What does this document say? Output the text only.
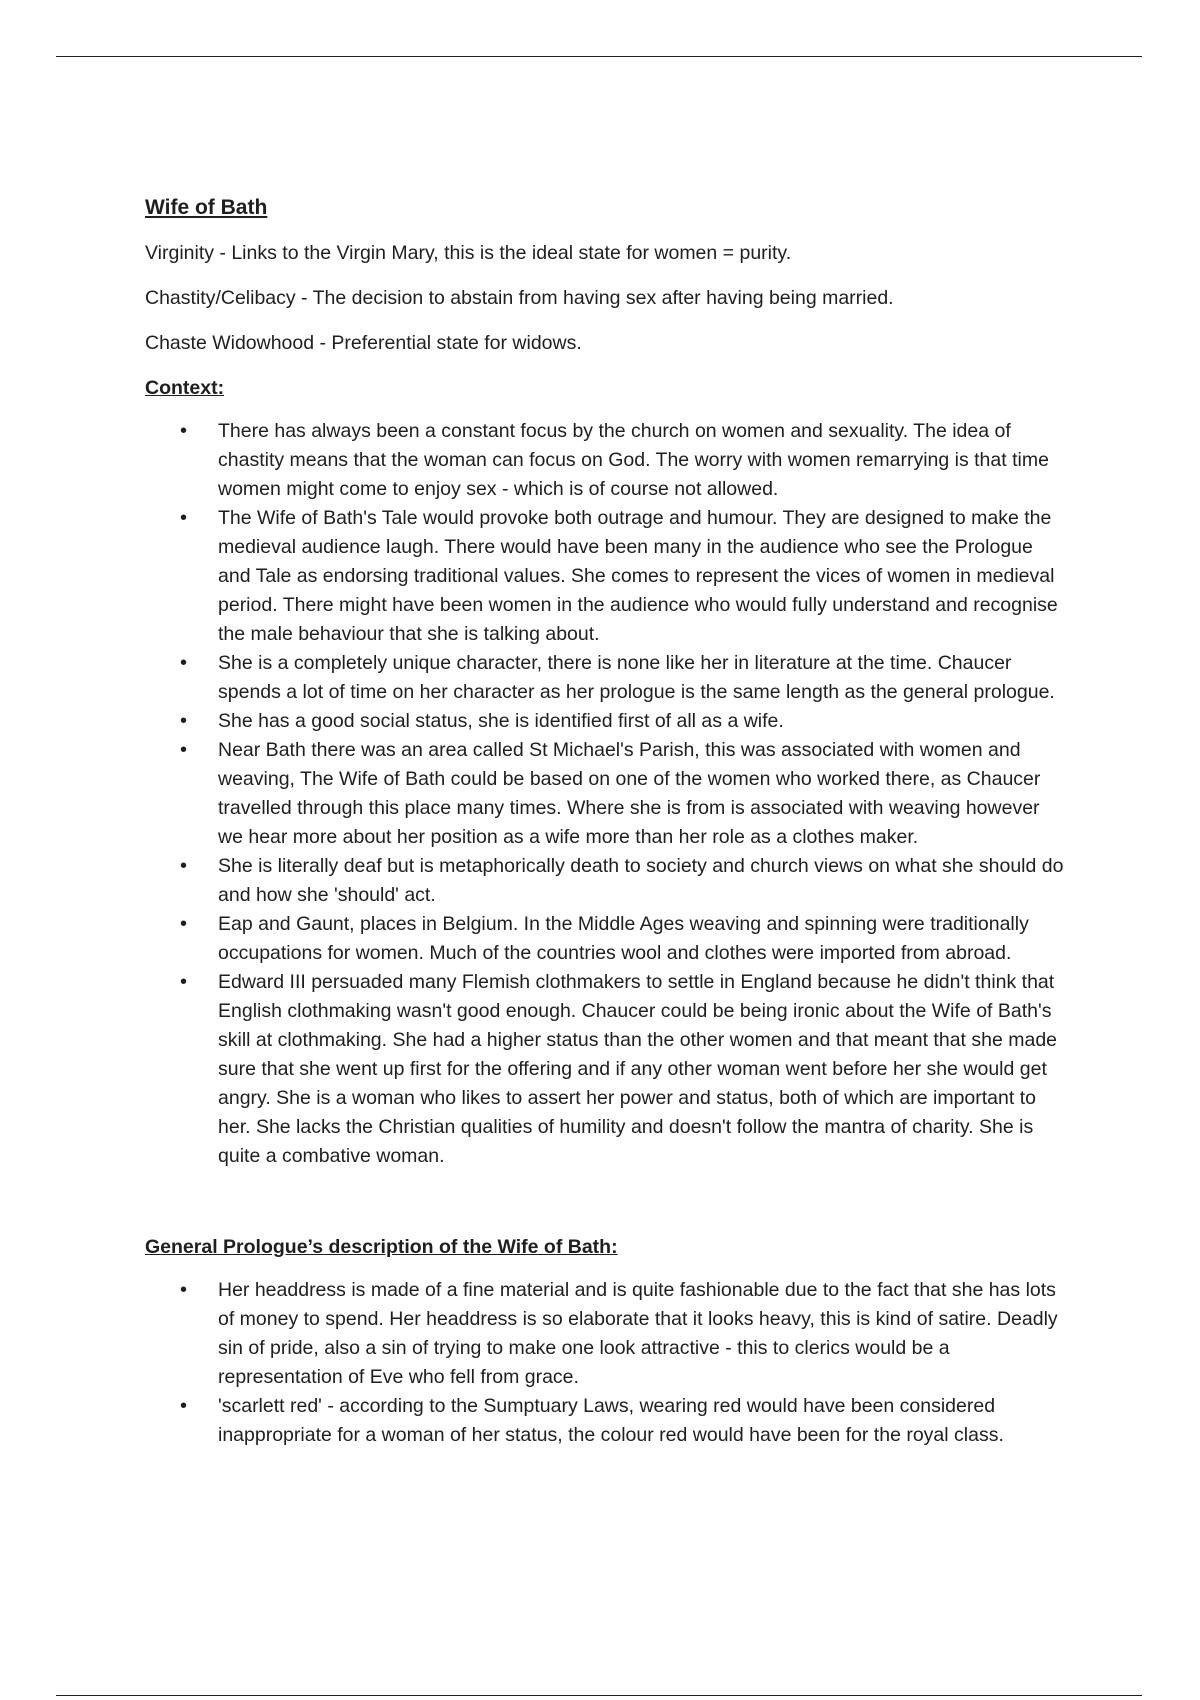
Wife of Bath

Virginity - Links to the Virgin Mary, this is the ideal state for women = purity.

Chastity/Celibacy - The decision to abstain from having sex after having being married.

Chaste Widowhood - Preferential state for widows.

Context:

• There has always been a constant focus by the church on women and sexuality. The idea of chastity means that the woman can focus on God. The worry with women remarrying is that time women might come to enjoy sex - which is of course not allowed.
• The Wife of Bath's Tale would provoke both outrage and humour. They are designed to make the medieval audience laugh. There would have been many in the audience who see the Prologue and Tale as endorsing traditional values. She comes to represent the vices of women in medieval period. There might have been women in the audience who would fully understand and recognise the male behaviour that she is talking about.
• She is a completely unique character, there is none like her in literature at the time. Chaucer spends a lot of time on her character as her prologue is the same length as the general prologue.
• She has a good social status, she is identified first of all as a wife.
• Near Bath there was an area called St Michael's Parish, this was associated with women and weaving, The Wife of Bath could be based on one of the women who worked there, as Chaucer travelled through this place many times. Where she is from is associated with weaving however we hear more about her position as a wife more than her role as a clothes maker.
• She is literally deaf but is metaphorically death to society and church views on what she should do and how she 'should' act.
• Eap and Gaunt, places in Belgium. In the Middle Ages weaving and spinning were traditionally occupations for women. Much of the countries wool and clothes were imported from abroad.
• Edward III persuaded many Flemish clothmakers to settle in England because he didn't think that English clothmaking wasn't good enough. Chaucer could be being ironic about the Wife of Bath's skill at clothmaking. She had a higher status than the other women and that meant that she made sure that she went up first for the offering and if any other woman went before her she would get angry. She is a woman who likes to assert her power and status, both of which are important to her. She lacks the Christian qualities of humility and doesn't follow the mantra of charity. She is quite a combative woman.

General Prologue’s description of the Wife of Bath:

• Her headdress is made of a fine material and is quite fashionable due to the fact that she has lots of money to spend. Her headdress is so elaborate that it looks heavy, this is kind of satire. Deadly sin of pride, also a sin of trying to make one look attractive - this to clerics would be a representation of Eve who fell from grace.
• 'scarlett red' - according to the Sumptuary Laws, wearing red would have been considered inappropriate for a woman of her status, the colour red would have been for the royal class.
